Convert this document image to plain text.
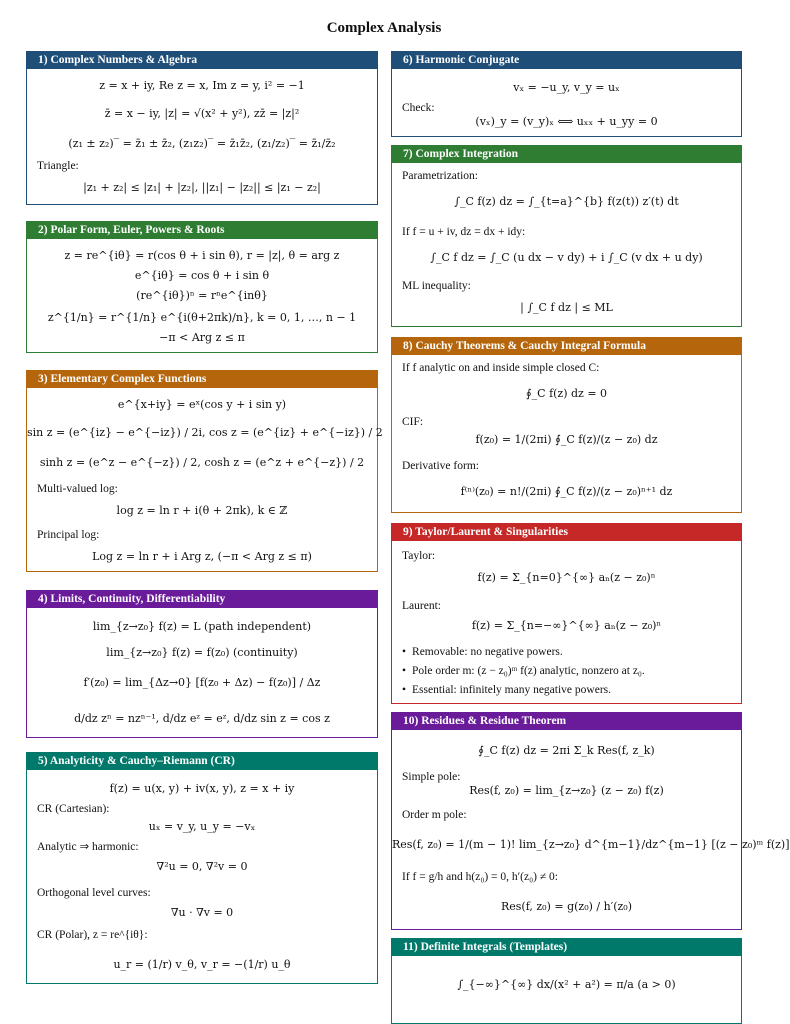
Complex Analysis
1) Complex Numbers & Algebra
z = x + iy, Re z = x, Im z = y, i² = −1
z̄ = x − iy, |z| = √(x² + y²), zz̄ = |z|²
(z₁ ± z₂)‾ = z̄₁ ± z̄₂, (z₁z₂)‾ = z̄₁z̄₂, (z₁/z₂)‾ = z̄₁/z̄₂
Triangle:
|z₁ + z₂| ≤ |z₁| + |z₂|, ||z₁| − |z₂|| ≤ |z₁ − z₂|
2) Polar Form, Euler, Powers & Roots
z = re^{iθ} = r(cos θ + i sin θ), r = |z|, θ = arg z
e^{iθ} = cos θ + i sin θ
(re^{iθ})ⁿ = rⁿe^{inθ}
z^{1/n} = r^{1/n} e^{i(θ+2πk)/n}, k = 0, 1, …, n − 1
−π < Arg z ≤ π
3) Elementary Complex Functions
e^{x+iy} = eˣ(cos y + i sin y)
sin z = (e^{iz} − e^{−iz}) / 2i, cos z = (e^{iz} + e^{−iz}) / 2
sinh z = (e^z − e^{−z}) / 2, cosh z = (e^z + e^{−z}) / 2
Multi-valued log:
log z = ln r + i(θ + 2πk), k ∈ ℤ
Principal log:
Log z = ln r + i Arg z, (−π < Arg z ≤ π)
4) Limits, Continuity, Differentiability
lim_{z→z₀} f(z) = L (path independent)
lim_{z→z₀} f(z) = f(z₀) (continuity)
f′(z₀) = lim_{Δz→0} [f(z₀ + Δz) − f(z₀)] / Δz
d/dz zⁿ = nzⁿ⁻¹, d/dz eᶻ = eᶻ, d/dz sin z = cos z
5) Analyticity & Cauchy–Riemann (CR)
f(z) = u(x, y) + iv(x, y), z = x + iy
CR (Cartesian):
uₓ = v_y, u_y = −vₓ
Analytic ⇒ harmonic:
∇²u = 0, ∇²v = 0
Orthogonal level curves:
∇u · ∇v = 0
CR (Polar), z = re^{iθ}:
u_r = (1/r) v_θ, v_r = −(1/r) u_θ
6) Harmonic Conjugate
vₓ = −u_y, v_y = uₓ
Check:
(vₓ)_y = (v_y)ₓ ⟺ uₓₓ + u_yy = 0
7) Complex Integration
Parametrization:
∫_C f(z) dz = ∫_{t=a}^{b} f(z(t)) z′(t) dt
If f = u + iv, dz = dx + idy:
∫_C f dz = ∫_C (u dx − v dy) + i ∫_C (v dx + u dy)
ML inequality:
| ∫_C f dz | ≤ ML
8) Cauchy Theorems & Cauchy Integral Formula
If f analytic on and inside simple closed C:
∮_C f(z) dz = 0
CIF:
f(z₀) = 1/(2πi) ∮_C f(z)/(z − z₀) dz
Derivative form:
f⁽ⁿ⁾(z₀) = n!/(2πi) ∮_C f(z)/(z − z₀)ⁿ⁺¹ dz
9) Taylor/Laurent & Singularities
Taylor:
f(z) = Σ_{n=0}^{∞} aₙ(z − z₀)ⁿ
Laurent:
f(z) = Σ_{n=−∞}^{∞} aₙ(z − z₀)ⁿ
• Removable: no negative powers.
• Pole order m: (z − z₀)ᵐ f(z) analytic, nonzero at z₀.
• Essential: infinitely many negative powers.
10) Residues & Residue Theorem
∮_C f(z) dz = 2πi Σ_k Res(f, z_k)
Simple pole:
Res(f, z₀) = lim_{z→z₀} (z − z₀) f(z)
Order m pole:
Res(f, z₀) = 1/(m − 1)! lim_{z→z₀} d^{m−1}/dz^{m−1} [(z − z₀)ᵐ f(z)]
If f = g/h and h(z₀) = 0, h′(z₀) ≠ 0:
Res(f, z₀) = g(z₀) / h′(z₀)
11) Definite Integrals (Templates)
∫_{−∞}^{∞} dx/(x² + a²) = π/a (a > 0)
